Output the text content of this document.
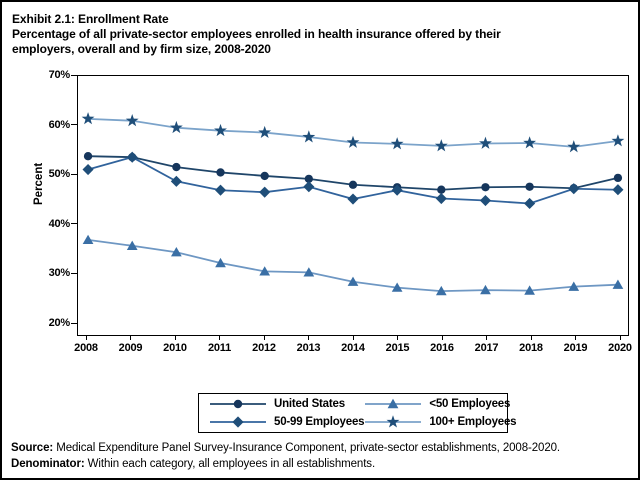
Exhibit 2.1: Enrollment Rate
Percentage of all private-sector employees enrolled in health insurance offered by their
employers, overall and by firm size, 2008-2020
Percent
70%
60%
50%
40%
30%
20%
2008	2009	2010	2011	2012	2013	2014	2015	2016	2017	2018	2019	2020
United States
50-99 Employees
<50 Employees
100+ Employees
Source: Medical Expenditure Panel Survey-Insurance Component, private-sector establishments, 2008-2020.
Denominator: Within each category, all employees in all establishments.
